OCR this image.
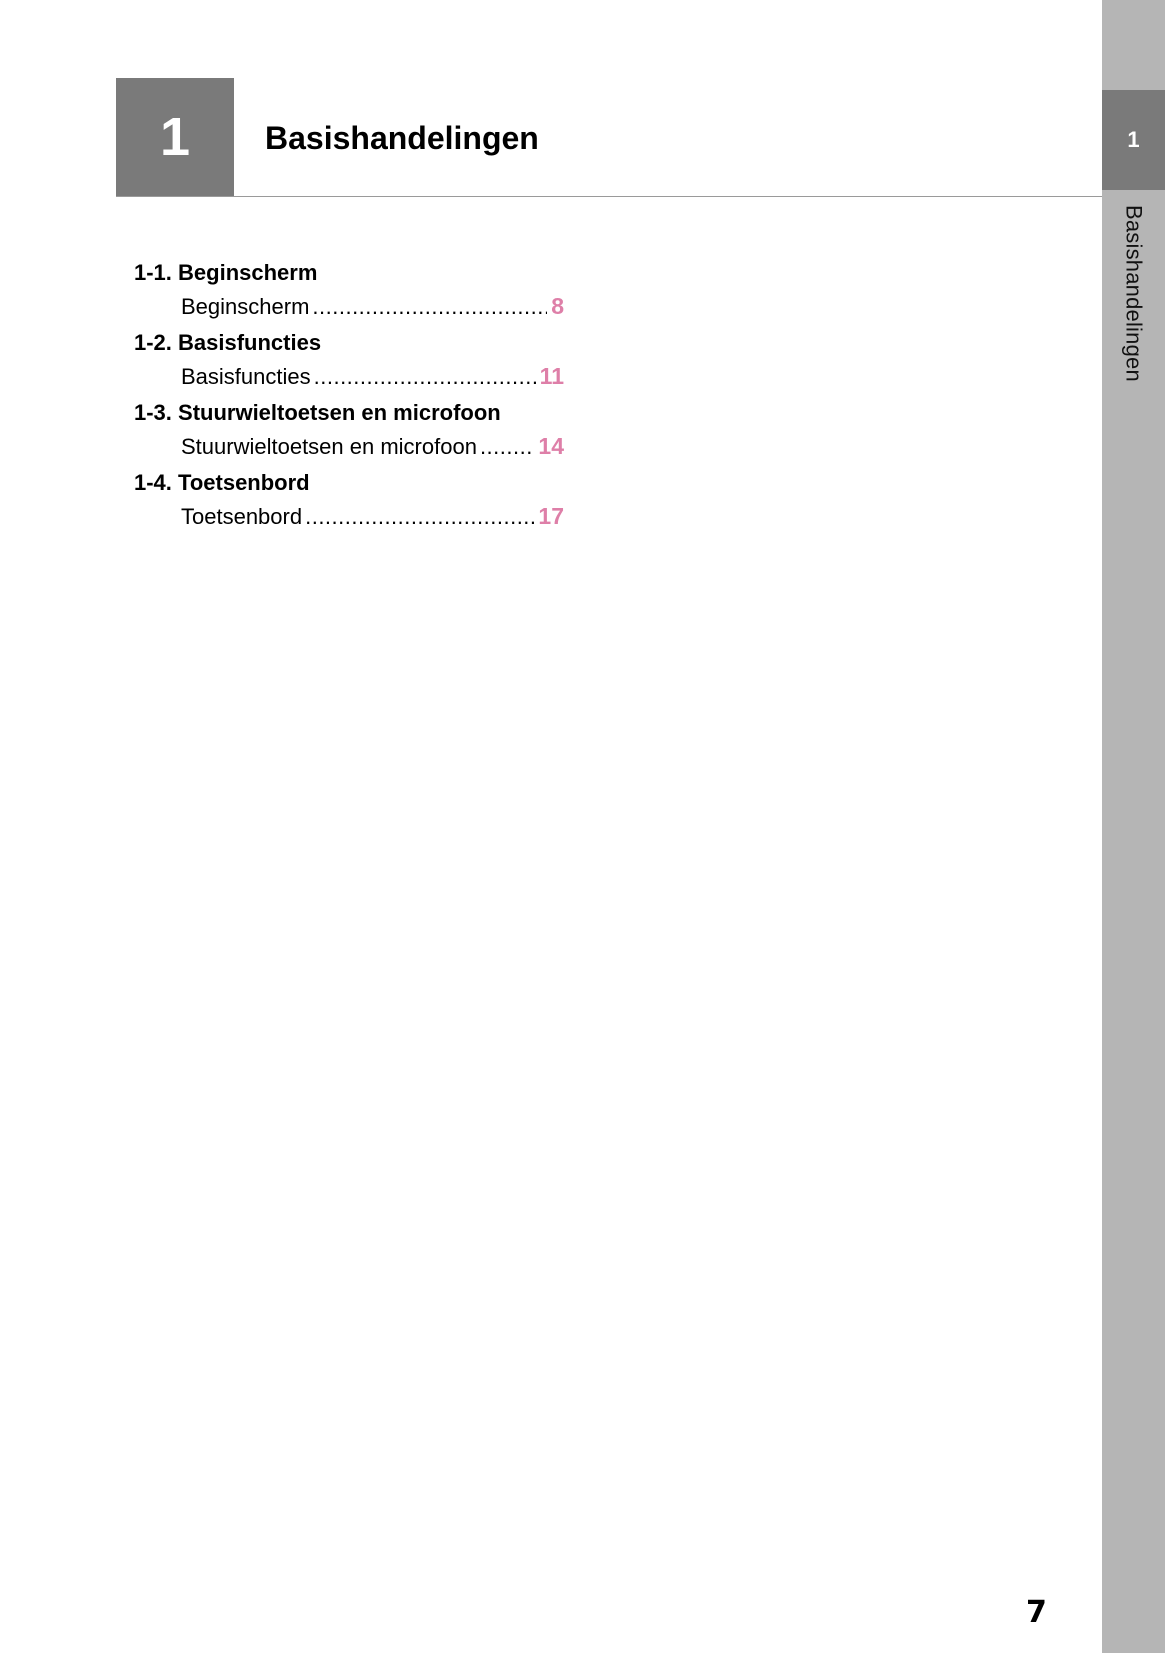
1
Basishandelingen
1	Basishandelingen
1-1. Beginscherm
Beginscherm .....	8
1-2. Basisfuncties
Basisfuncties .....	11
1-3. Stuurwieltoetsen en microfoon
Stuurwieltoetsen en microfoon .....	14
1-4. Toetsenbord
Toetsenbord .....	17
7
